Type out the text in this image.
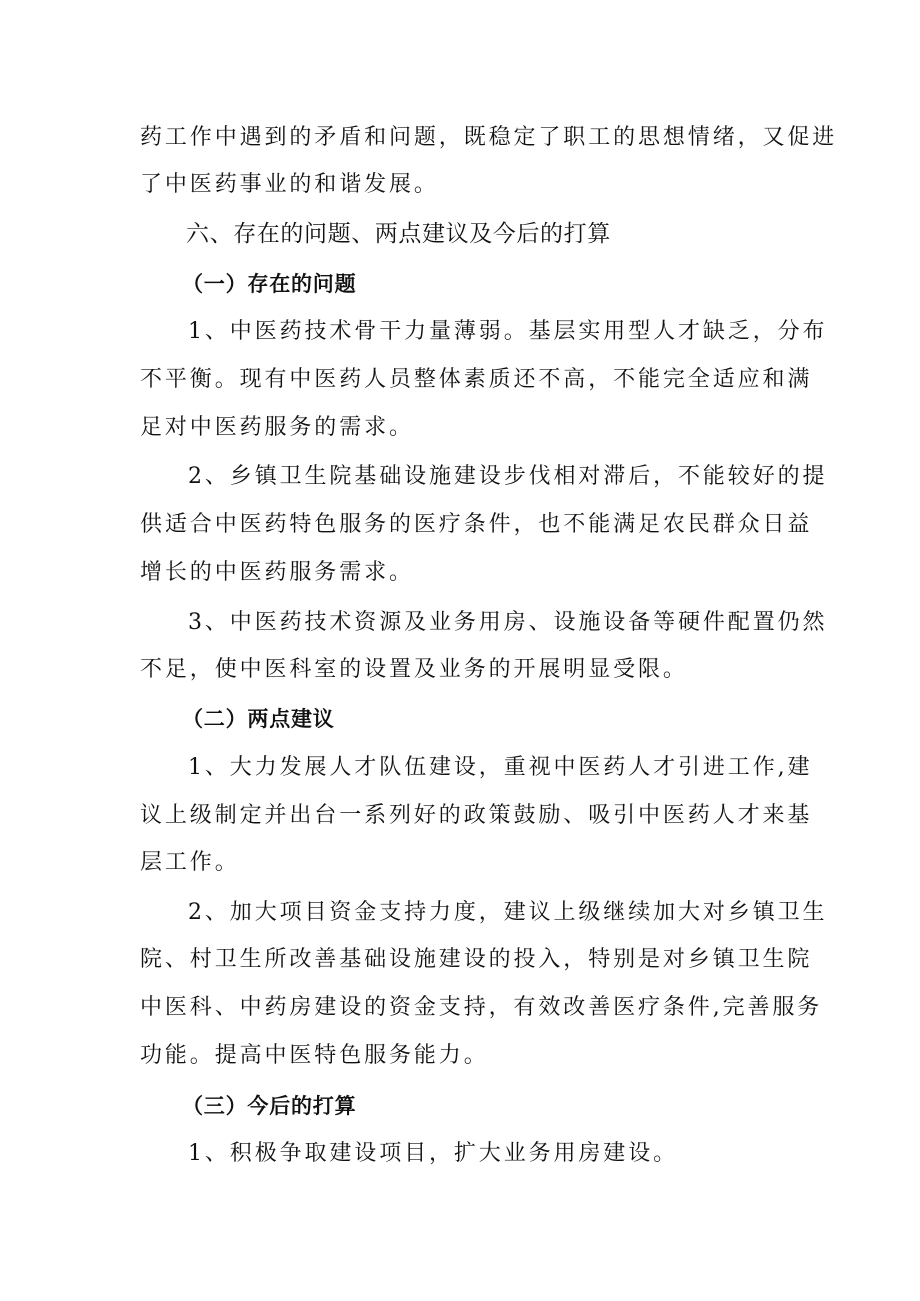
药工作中遇到的矛盾和问题，既稳定了职工的思想情绪，又促进
了中医药事业的和谐发展。
六、存在的问题、两点建议及今后的打算
（一）存在的问题
1、中医药技术骨干力量薄弱。基层实用型人才缺乏，分布
不平衡。现有中医药人员整体素质还不高，不能完全适应和满
足对中医药服务的需求。
2、乡镇卫生院基础设施建设步伐相对滞后，不能较好的提
供适合中医药特色服务的医疗条件，也不能满足农民群众日益
增长的中医药服务需求。
3、中医药技术资源及业务用房、设施设备等硬件配置仍然
不足，使中医科室的设置及业务的开展明显受限。
（二）两点建议
1、大力发展人才队伍建设，重视中医药人才引进工作,建
议上级制定并出台一系列好的政策鼓励、吸引中医药人才来基
层工作。
2、加大项目资金支持力度，建议上级继续加大对乡镇卫生
院、村卫生所改善基础设施建设的投入，特别是对乡镇卫生院
中医科、中药房建设的资金支持，有效改善医疗条件,完善服务
功能。提高中医特色服务能力。
（三）今后的打算
1、积极争取建设项目，扩大业务用房建设。
